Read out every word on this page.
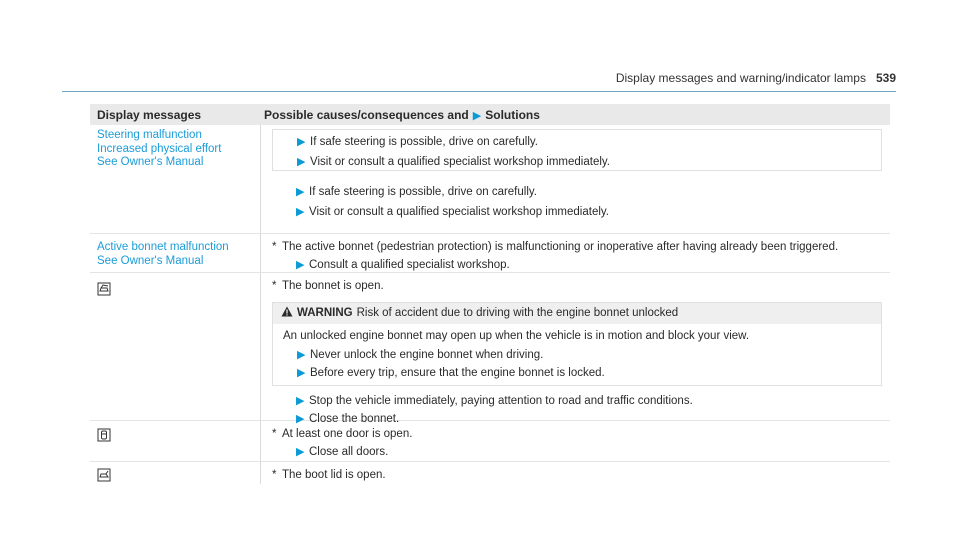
Display messages and warning/indicator lamps 539
Display messages	Possible causes/consequences and ▶ Solutions
Steering malfunction
Increased physical effort
See Owner's Manual
▶ If safe steering is possible, drive on carefully.
▶ Visit or consult a qualified specialist workshop immediately.
▶ If safe steering is possible, drive on carefully.
▶ Visit or consult a qualified specialist workshop immediately.
Active bonnet malfunction
See Owner's Manual
* The active bonnet (pedestrian protection) is malfunctioning or inoperative after having already been triggered.
▶ Consult a qualified specialist workshop.
* The bonnet is open.
WARNING Risk of accident due to driving with the engine bonnet unlocked
An unlocked engine bonnet may open up when the vehicle is in motion and block your view.
▶ Never unlock the engine bonnet when driving.
▶ Before every trip, ensure that the engine bonnet is locked.
▶ Stop the vehicle immediately, paying attention to road and traffic conditions.
▶ Close the bonnet.
* At least one door is open.
▶ Close all doors.
* The boot lid is open.
